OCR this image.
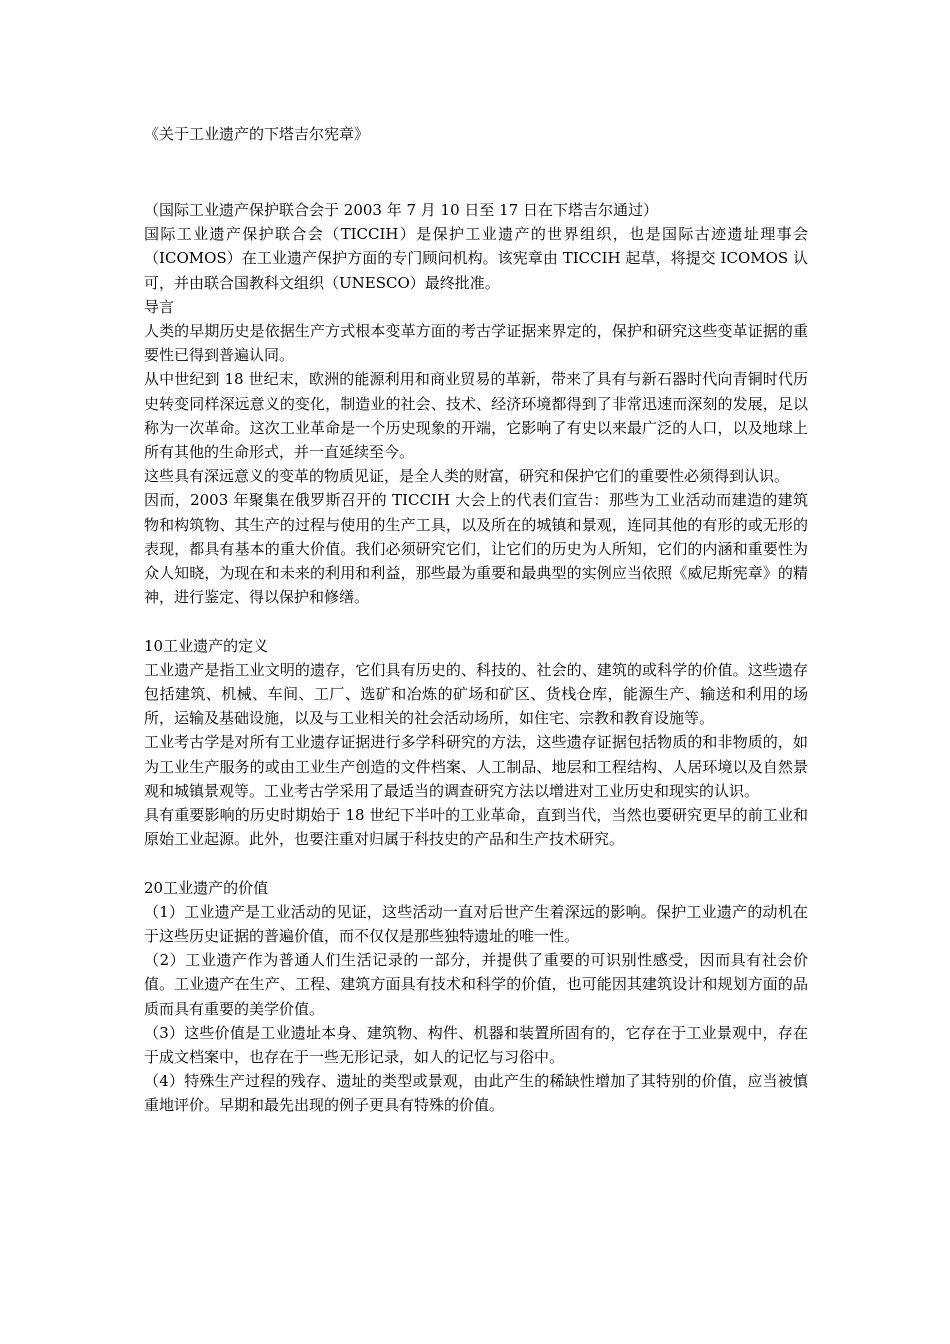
《关于工业遗产的下塔吉尔宪章》

（国际工业遗产保护联合会于 2003 年 7 月 10 日至 17 日在下塔吉尔通过）

国际工业遗产保护联合会（TICCIH）是保护工业遗产的世界组织，也是国际古迹遗址理事会（ICOMOS）在工业遗产保护方面的专门顾问机构。该宪章由 TICCIH 起草，将提交 ICOMOS 认可，并由联合国教科文组织（UNESCO）最终批准。

导言

人类的早期历史是依据生产方式根本变革方面的考古学证据来界定的，保护和研究这些变革证据的重要性已得到普遍认同。

从中世纪到 18 世纪末，欧洲的能源利用和商业贸易的革新，带来了具有与新石器时代向青铜时代历史转变同样深远意义的变化，制造业的社会、技术、经济环境都得到了非常迅速而深刻的发展，足以称为一次革命。这次工业革命是一个历史现象的开端，它影响了有史以来最广泛的人口，以及地球上所有其他的生命形式，并一直延续至今。

这些具有深远意义的变革的物质见证，是全人类的财富，研究和保护它们的重要性必须得到认识。

因而，2003 年聚集在俄罗斯召开的 TICCIH 大会上的代表们宣告：那些为工业活动而建造的建筑物和构筑物、其生产的过程与使用的生产工具，以及所在的城镇和景观，连同其他的有形的或无形的表现，都具有基本的重大价值。我们必须研究它们，让它们的历史为人所知，它们的内涵和重要性为众人知晓，为现在和未来的利用和利益，那些最为重要和最典型的实例应当依照《威尼斯宪章》的精神，进行鉴定、得以保护和修缮。

10工业遗产的定义

工业遗产是指工业文明的遗存，它们具有历史的、科技的、社会的、建筑的或科学的价值。这些遗存包括建筑、机械、车间、工厂、选矿和冶炼的矿场和矿区、货栈仓库，能源生产、输送和利用的场所，运输及基础设施，以及与工业相关的社会活动场所，如住宅、宗教和教育设施等。

工业考古学是对所有工业遗存证据进行多学科研究的方法，这些遗存证据包括物质的和非物质的，如为工业生产服务的或由工业生产创造的文件档案、人工制品、地层和工程结构、人居环境以及自然景观和城镇景观等。工业考古学采用了最适当的调查研究方法以增进对工业历史和现实的认识。

具有重要影响的历史时期始于 18 世纪下半叶的工业革命，直到当代，当然也要研究更早的前工业和原始工业起源。此外，也要注重对归属于科技史的产品和生产技术研究。

20工业遗产的价值

（1）工业遗产是工业活动的见证，这些活动一直对后世产生着深远的影响。保护工业遗产的动机在于这些历史证据的普遍价值，而不仅仅是那些独特遗址的唯一性。

（2）工业遗产作为普通人们生活记录的一部分，并提供了重要的可识别性感受，因而具有社会价值。工业遗产在生产、工程、建筑方面具有技术和科学的价值，也可能因其建筑设计和规划方面的品质而具有重要的美学价值。

（3）这些价值是工业遗址本身、建筑物、构件、机器和装置所固有的，它存在于工业景观中，存在于成文档案中，也存在于一些无形记录，如人的记忆与习俗中。

（4）特殊生产过程的残存、遗址的类型或景观，由此产生的稀缺性增加了其特别的价值，应当被慎重地评价。早期和最先出现的例子更具有特殊的价值。
